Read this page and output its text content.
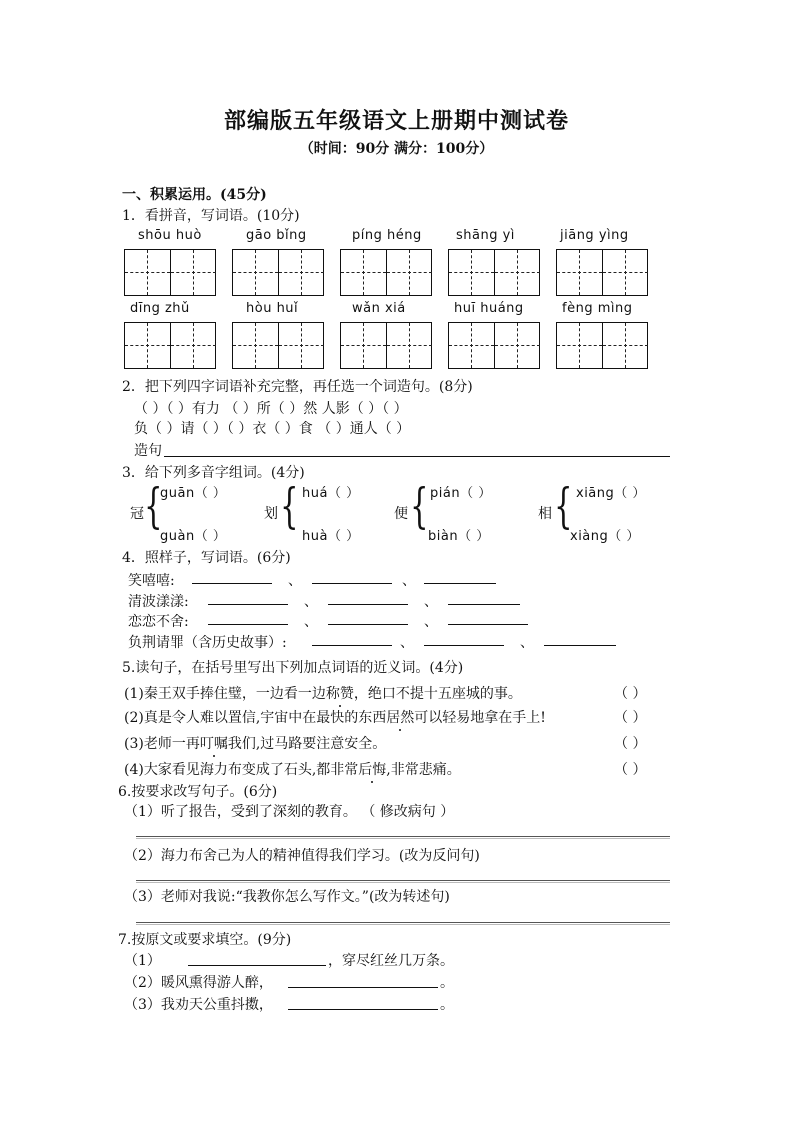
部编版五年级语文上册期中测试卷
（时间：90分 满分：100分）
一、积累运用。(45分)
1．看拼音，写词语。(10分)
shōu huò	gāo bǐng	píng héng	shāng yì	jiāng yìng
dīng zhǔ	hòu huǐ	wǎn xiá	huī huáng	fèng mìng
2．把下列四字词语补充完整，再任选一个词造句。(8分)
（ ）（ ）有力 （ ）所（ ）然 人影（ ）（ ）
负（ ）请（ ）（ ）衣（ ）食 （ ）通人（ ）
造句
3．给下列多音字组词。(4分)
冠 {
guān（ ）
guàn（ ）
划 { huá（ ）
huà（ ）
便 { pián（ ）
biàn（ ）
相 { xiāng（ ）
xiàng（ ）
4．照样子，写词语。(6分)
笑嘻嘻:	、	、
清波漾漾:	、	、
恋恋不舍:	、	、
负荆请罪（含历史故事）:	、	、
5.读句子，在括号里写出下列加点词语的近义词。(4分)
(1)秦王双手捧住璧，一边看一边称赞，绝口不提十五座城的事。	（ ）
(2)真是令人难以置信,宇宙中在最快的东西居然可以轻易地拿在手上!	（ ）
(3)老师一再叮嘱我们,过马路要注意安全。	（ ）
(4)大家看见海力布变成了石头,都非常后悔,非常悲痛。	（ ）
6.按要求改写句子。(6分)
（1）听了报告，受到了深刻的教育。 （ 修改病句 ）
（2）海力布舍己为人的精神值得我们学习。(改为反问句)
（3）老师对我说:“我教你怎么写作文。”(改为转述句)
7.按原文或要求填空。(9分)
（1）	，穿尽红丝几万条。
（2）暖风熏得游人醉，	。
（3）我劝天公重抖擞，	。
